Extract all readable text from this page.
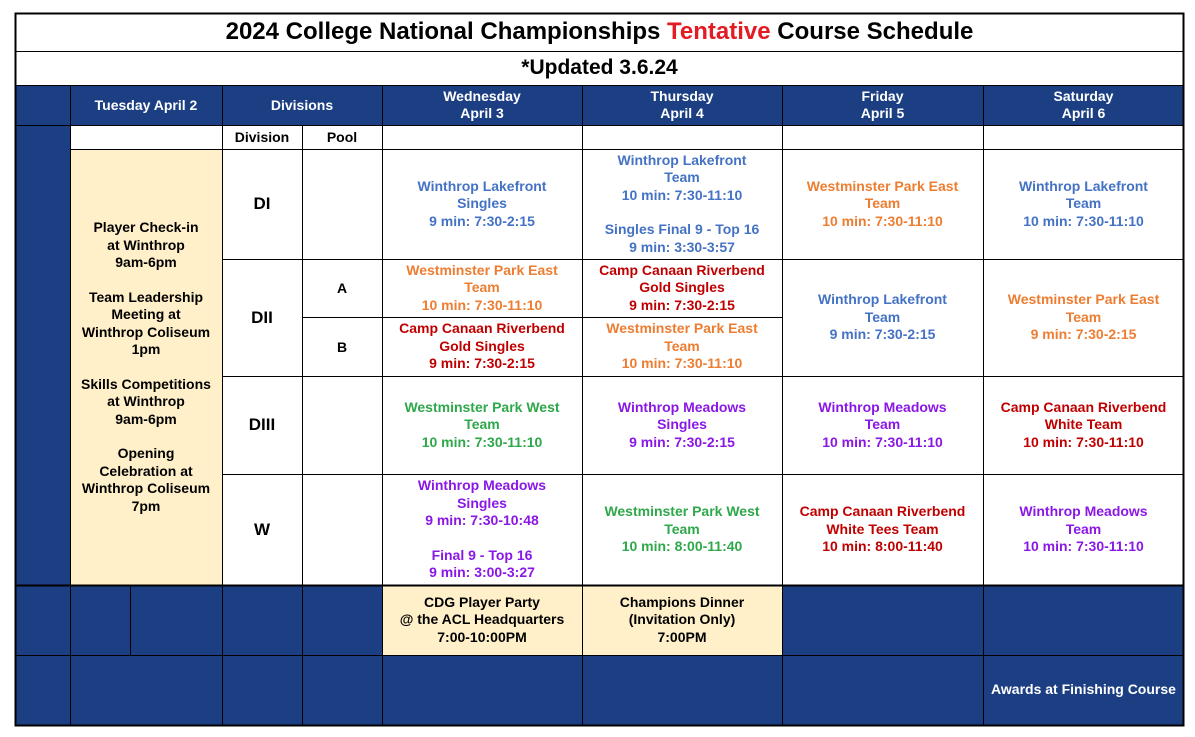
2024 College National Championships Tentative Course Schedule
*Updated 3.6.24
Tuesday April 2	Divisions
Wednesday
April 3
Thursday
April 4
Friday
April 5
Saturday
April 6
Division	Pool
Player Check-in
at Winthrop
9am-6pm
Team Leadership
Meeting at
Winthrop Coliseum
1pm
Skills Competitions
at Winthrop
9am-6pm
Opening
Celebration at
Winthrop Coliseum
7pm
DI
DII
DIII
W
A
B
Winthrop Lakefront
Singles
9 min: 7:30-2:15
Winthrop Lakefront
Team
10 min: 7:30-11:10
Singles Final 9 - Top 16
9 min: 3:30-3:57
Westminster Park East
Team
10 min: 7:30-11:10
Winthrop Lakefront
Team
10 min: 7:30-11:10
Westminster Park East
Team
10 min: 7:30-11:10
Camp Canaan Riverbend
Gold Singles
9 min: 7:30-2:15
Camp Canaan Riverbend
Gold Singles
9 min: 7:30-2:15
Westminster Park East
Team
10 min: 7:30-11:10
Winthrop Lakefront
Team
9 min: 7:30-2:15
Westminster Park East
Team
9 min: 7:30-2:15
Westminster Park West
Team
10 min: 7:30-11:10
Winthrop Meadows
Singles
9 min: 7:30-2:15
Winthrop Meadows
Team
10 min: 7:30-11:10
Camp Canaan Riverbend
White Team
10 min: 7:30-11:10
Winthrop Meadows
Singles
9 min: 7:30-10:48
Final 9 - Top 16
9 min: 3:00-3:27
Westminster Park West
Team
10 min: 8:00-11:40
Camp Canaan Riverbend
White Tees Team
10 min: 8:00-11:40
Winthrop Meadows
Team
10 min: 7:30-11:10
CDG Player Party
@ the ACL Headquarters
7:00-10:00PM
Champions Dinner
(Invitation Only)
7:00PM
Awards at Finishing Course
